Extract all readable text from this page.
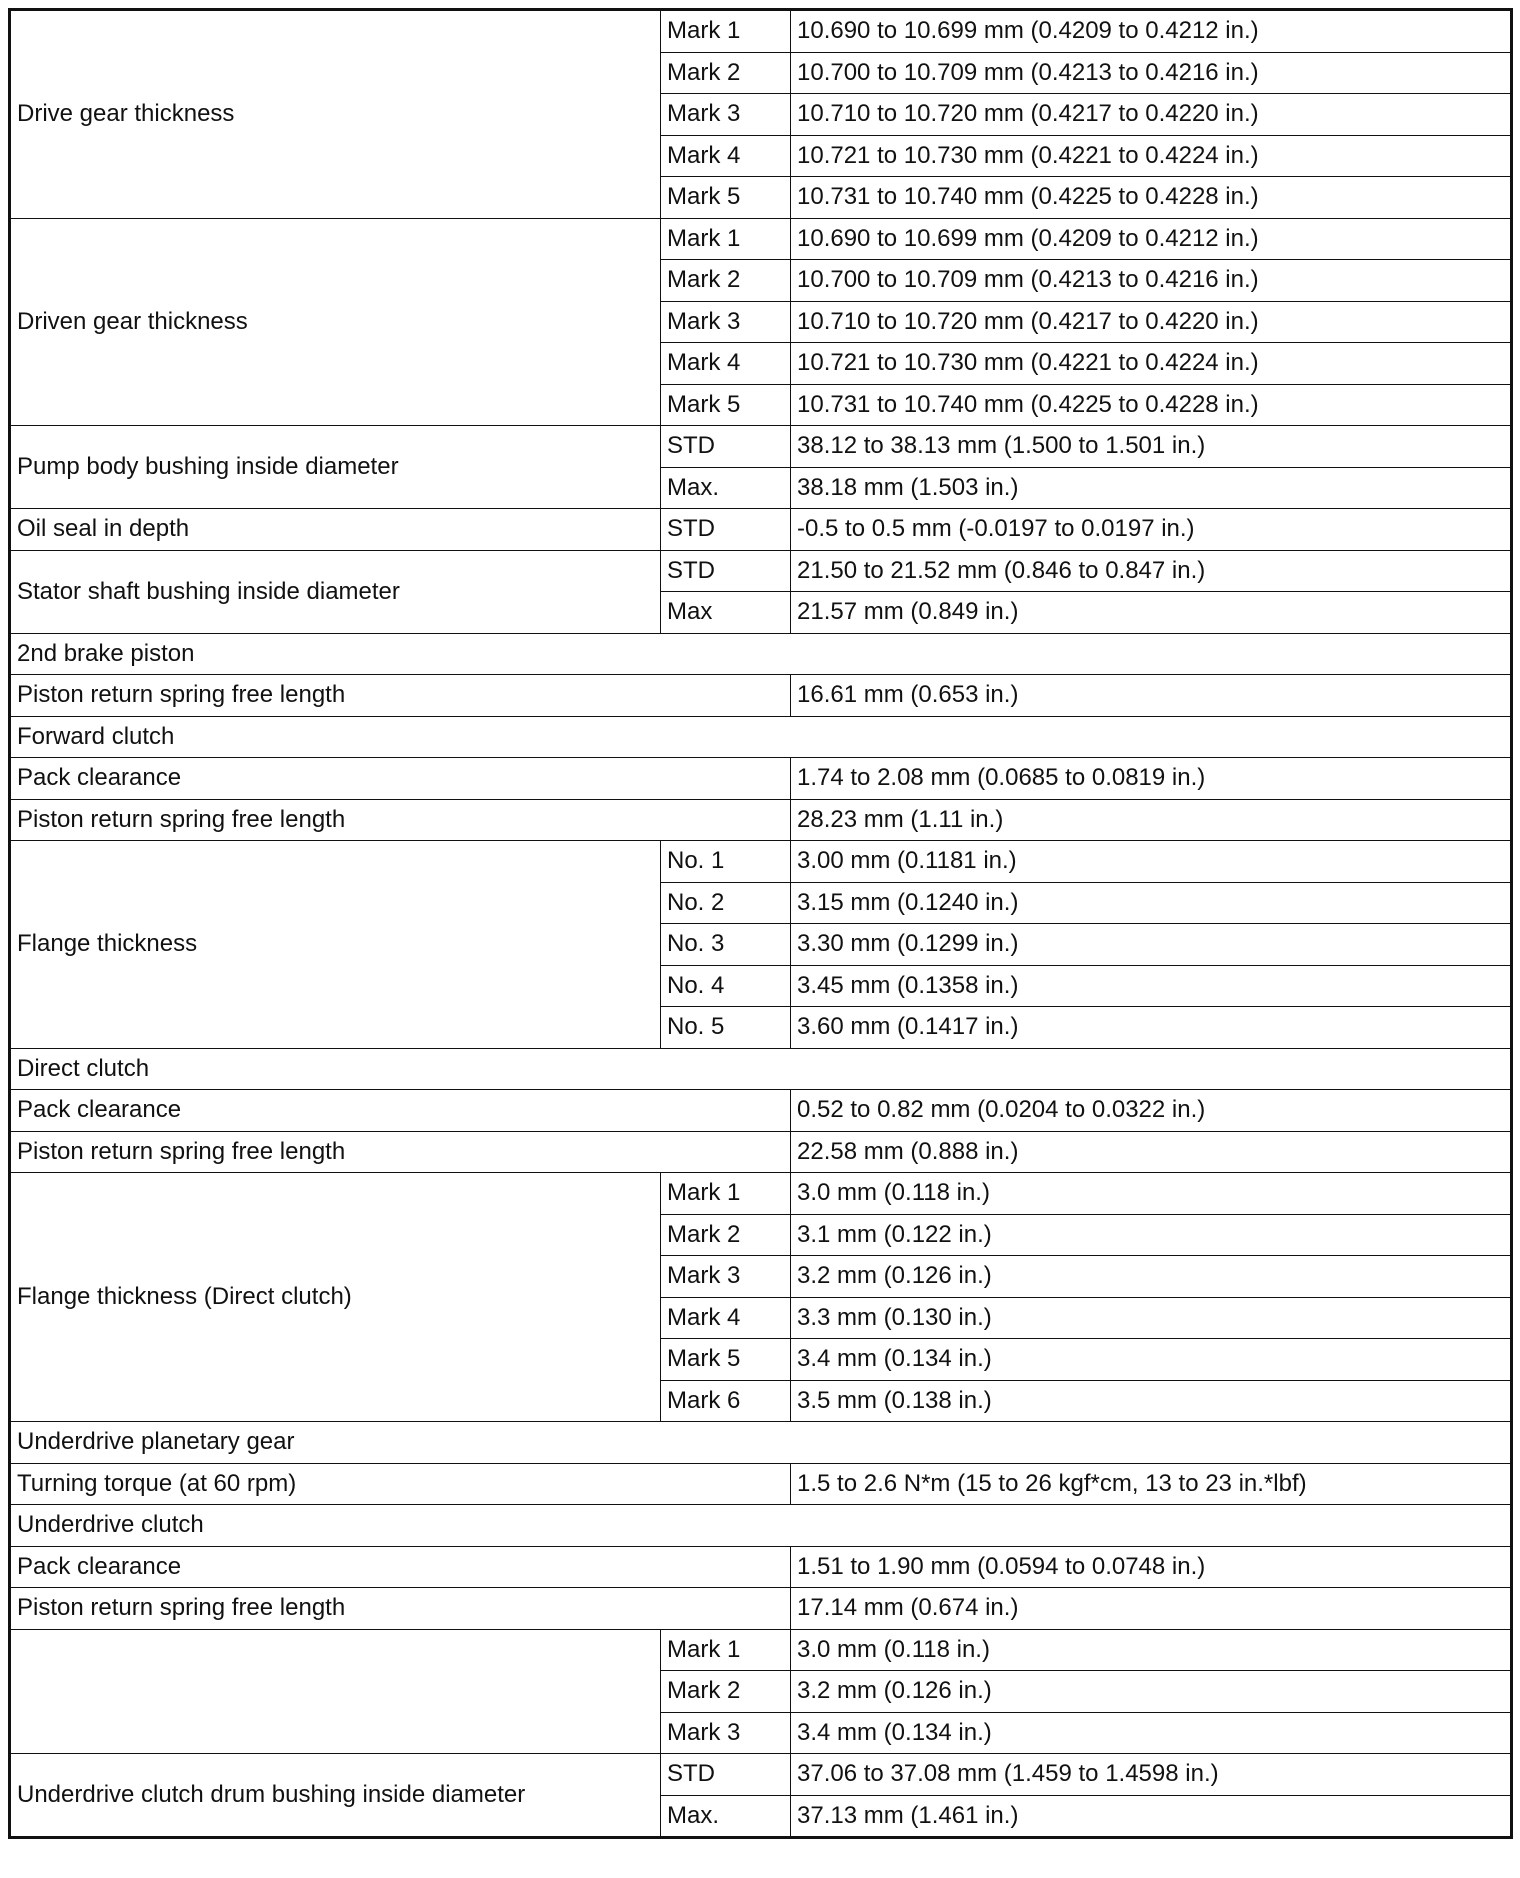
Drive gear thickness	Mark 1	10.690 to 10.699 mm (0.4209 to 0.4212 in.)
	Mark 2	10.700 to 10.709 mm (0.4213 to 0.4216 in.)
	Mark 3	10.710 to 10.720 mm (0.4217 to 0.4220 in.)
	Mark 4	10.721 to 10.730 mm (0.4221 to 0.4224 in.)
	Mark 5	10.731 to 10.740 mm (0.4225 to 0.4228 in.)
Driven gear thickness	Mark 1	10.690 to 10.699 mm (0.4209 to 0.4212 in.)
	Mark 2	10.700 to 10.709 mm (0.4213 to 0.4216 in.)
	Mark 3	10.710 to 10.720 mm (0.4217 to 0.4220 in.)
	Mark 4	10.721 to 10.730 mm (0.4221 to 0.4224 in.)
	Mark 5	10.731 to 10.740 mm (0.4225 to 0.4228 in.)
Pump body bushing inside diameter	STD	38.12 to 38.13 mm (1.500 to 1.501 in.)
	Max.	38.18 mm (1.503 in.)
Oil seal in depth	STD	-0.5 to 0.5 mm (-0.0197 to 0.0197 in.)
Stator shaft bushing inside diameter	STD	21.50 to 21.52 mm (0.846 to 0.847 in.)
	Max	21.57 mm (0.849 in.)
2nd brake piston		
Piston return spring free length		16.61 mm (0.653 in.)
Forward clutch		
Pack clearance		1.74 to 2.08 mm (0.0685 to 0.0819 in.)
Piston return spring free length		28.23 mm (1.11 in.)
Flange thickness	No. 1	3.00 mm (0.1181 in.)
	No. 2	3.15 mm (0.1240 in.)
	No. 3	3.30 mm (0.1299 in.)
	No. 4	3.45 mm (0.1358 in.)
	No. 5	3.60 mm (0.1417 in.)
Direct clutch		
Pack clearance		0.52 to 0.82 mm (0.0204 to 0.0322 in.)
Piston return spring free length		22.58 mm (0.888 in.)
Flange thickness (Direct clutch)	Mark 1	3.0 mm (0.118 in.)
	Mark 2	3.1 mm (0.122 in.)
	Mark 3	3.2 mm (0.126 in.)
	Mark 4	3.3 mm (0.130 in.)
	Mark 5	3.4 mm (0.134 in.)
	Mark 6	3.5 mm (0.138 in.)
Underdrive planetary gear		
Turning torque (at 60 rpm)		1.5 to 2.6 N*m (15 to 26 kgf*cm, 13 to 23 in.*lbf)
Underdrive clutch		
Pack clearance		1.51 to 1.90 mm (0.0594 to 0.0748 in.)
Piston return spring free length		17.14 mm (0.674 in.)
	Mark 1	3.0 mm (0.118 in.)
	Mark 2	3.2 mm (0.126 in.)
	Mark 3	3.4 mm (0.134 in.)
Underdrive clutch drum bushing inside diameter	STD	37.06 to 37.08 mm (1.459 to 1.4598 in.)
	Max.	37.13 mm (1.461 in.)
